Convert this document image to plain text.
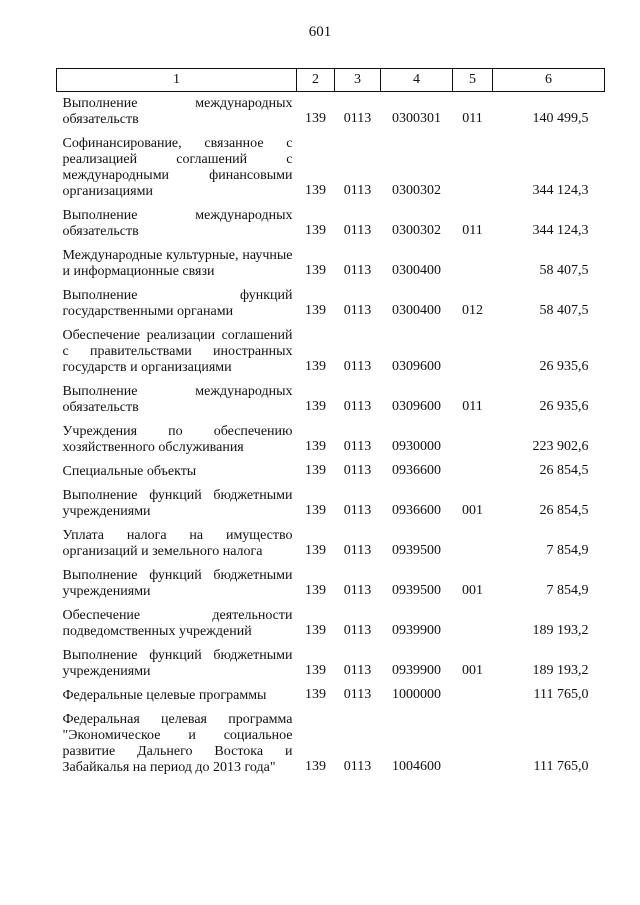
601
1	2	3	4	5	6
Выполнение международных обязательств	139	0113	0300301	011	140 499,5
Софинансирование, связанное с реализацией соглашений с международными финансовыми организациями	139	0113	0300302		344 124,3
Выполнение международных обязательств	139	0113	0300302	011	344 124,3
Международные культурные, научные и информационные связи	139	0113	0300400		58 407,5
Выполнение функций государственными органами	139	0113	0300400	012	58 407,5
Обеспечение реализации соглашений с правительствами иностранных государств и организациями	139	0113	0309600		26 935,6
Выполнение международных обязательств	139	0113	0309600	011	26 935,6
Учреждения по обеспечению хозяйственного обслуживания	139	0113	0930000		223 902,6
Специальные объекты	139	0113	0936600		26 854,5
Выполнение функций бюджетными учреждениями	139	0113	0936600	001	26 854,5
Уплата налога на имущество организаций и земельного налога	139	0113	0939500		7 854,9
Выполнение функций бюджетными учреждениями	139	0113	0939500	001	7 854,9
Обеспечение деятельности подведомственных учреждений	139	0113	0939900		189 193,2
Выполнение функций бюджетными учреждениями	139	0113	0939900	001	189 193,2
Федеральные целевые программы	139	0113	1000000		111 765,0
Федеральная целевая программа "Экономическое и социальное развитие Дальнего Востока и Забайкалья на период до 2013 года"	139	0113	1004600		111 765,0
